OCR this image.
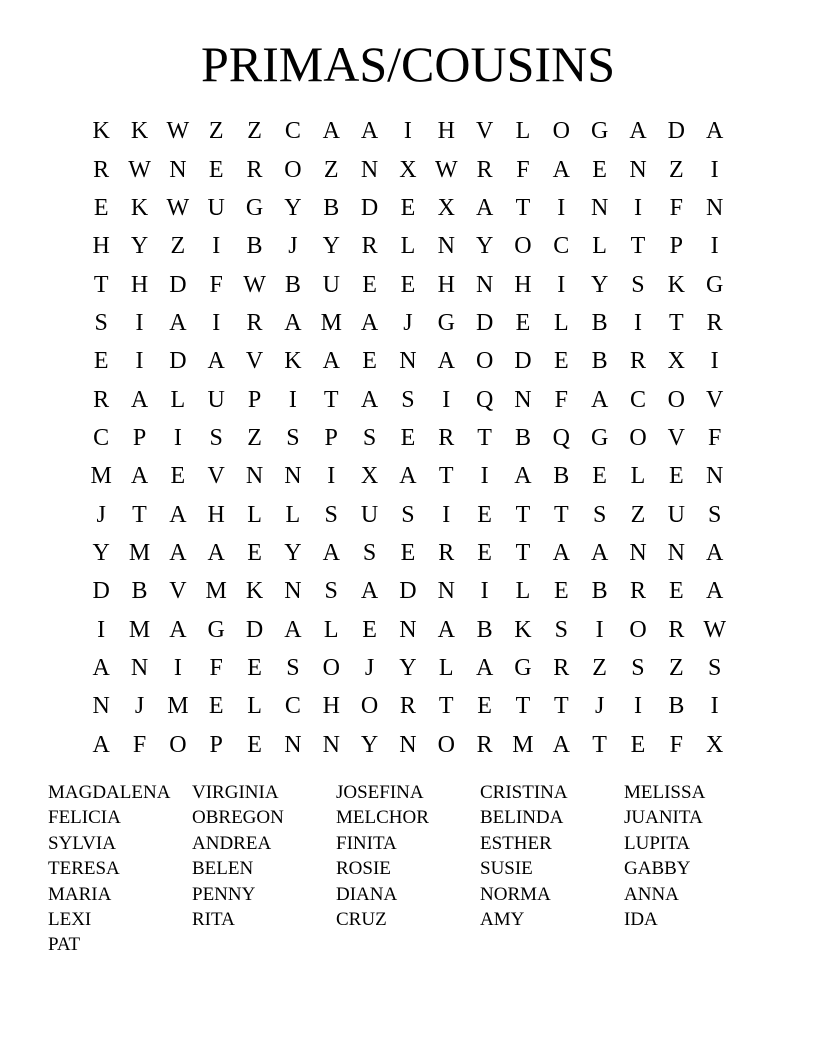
PRIMAS/COUSINS
K K W Z Z C A A	I	H V L O G A D A
R W N E R O Z N X W R F A E N Z	I
E K W U G Y B D E X A T	I	N	I	F N
H Y Z	I	B	J	Y R L N Y O C L T	P	I
T H D F W B U E E H N H	I	Y S K G
S	I	A	I	R A M A	J	G D E L B	I	T R
E	I	D A V K A E N A O D E B R X	I
R A L U P	I	T A S	I	Q N F A C O V
C P	I	S	Z	S	P	S	E R T B Q G O V F
M A E V N N	I	X A T	I	A B E L E N
J	T A H L L	S U S	I	E T T	S	Z U S
Y M A A E Y A S	E R E T A A N N A
D B V M K N S A D N	I	L E B R E A
I M A G D A L E N A B K S	I	O R W
A N	I	F	E	S O	J	Y L A G R Z	S	Z	S
N	J M E L C H O R T E T T	J	I	B	I
A F O P	E N N Y N O R M A T E	F X
MAGDALENA	VIRGINIA	JOSEFINA	CRISTINA	MELISSA
FELICIA	OBREGON	MELCHOR	BELINDA	JUANITA
SYLVIA	ANDREA	FINITA	ESTHER	LUPITA
TERESA	BELEN	ROSIE	SUSIE	GABBY
MARIA	PENNY	DIANA	NORMA	ANNA
LEXI	RITA	CRUZ	AMY	IDA
PAT
